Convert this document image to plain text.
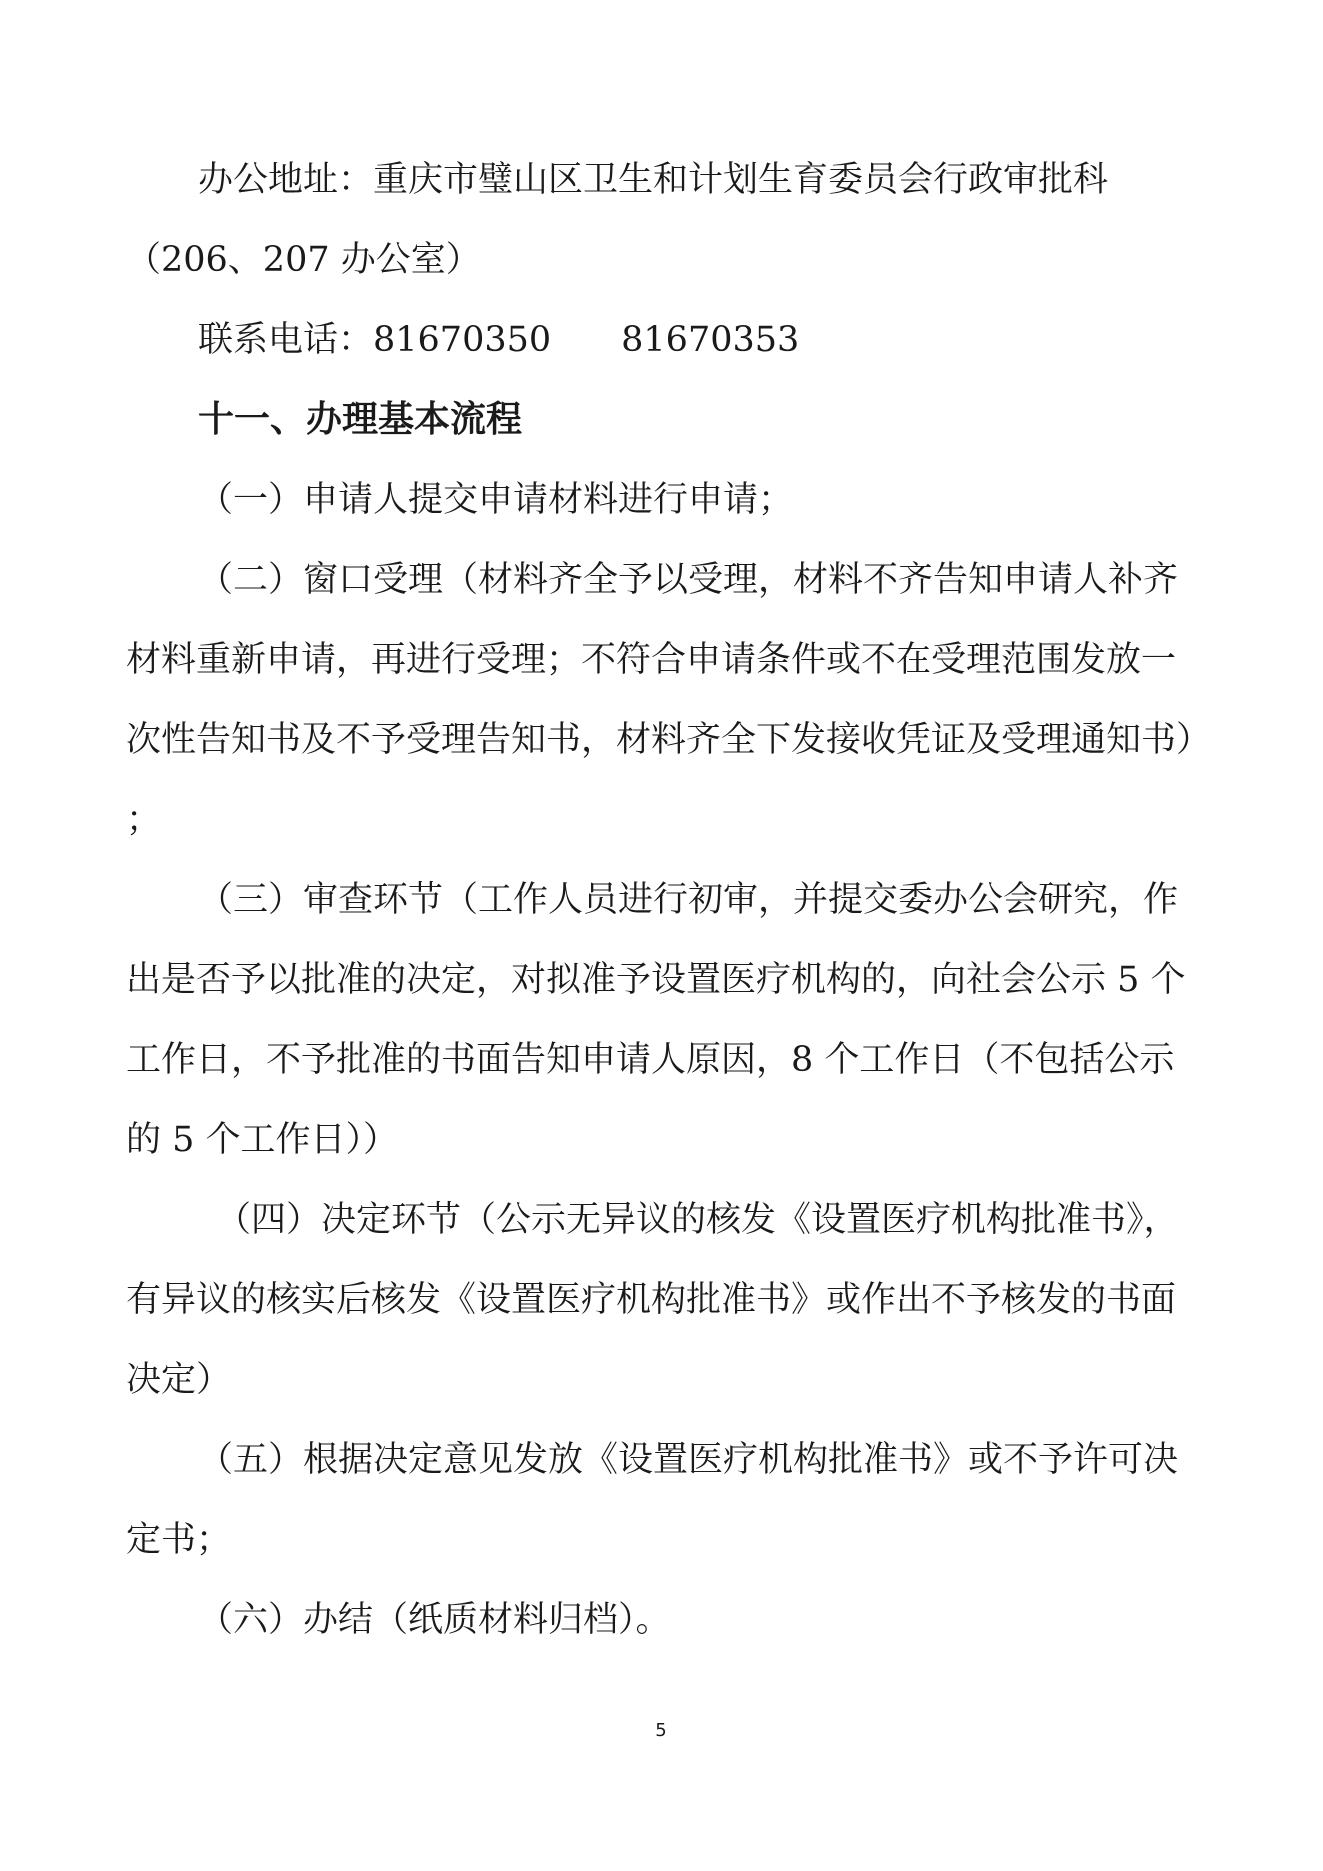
办公地址：重庆市璧山区卫生和计划生育委员会行政审批科
（206、207 办公室）
联系电话：81670350　　81670353
十一、办理基本流程
（一）申请人提交申请材料进行申请；
（二）窗口受理（材料齐全予以受理，材料不齐告知申请人补齐
材料重新申请，再进行受理；不符合申请条件或不在受理范围发放一
次性告知书及不予受理告知书，材料齐全下发接收凭证及受理通知书）
；
（三）审查环节（工作人员进行初审，并提交委办公会研究，作
出是否予以批准的决定，对拟准予设置医疗机构的，向社会公示 5 个
工作日，不予批准的书面告知申请人原因，8 个工作日（不包括公示
的 5 个工作日））
（四）决定环节（公示无异议的核发《设置医疗机构批准书》，
有异议的核实后核发《设置医疗机构批准书》或作出不予核发的书面
决定）
（五）根据决定意见发放《设置医疗机构批准书》或不予许可决
定书；
（六）办结（纸质材料归档）。
5
